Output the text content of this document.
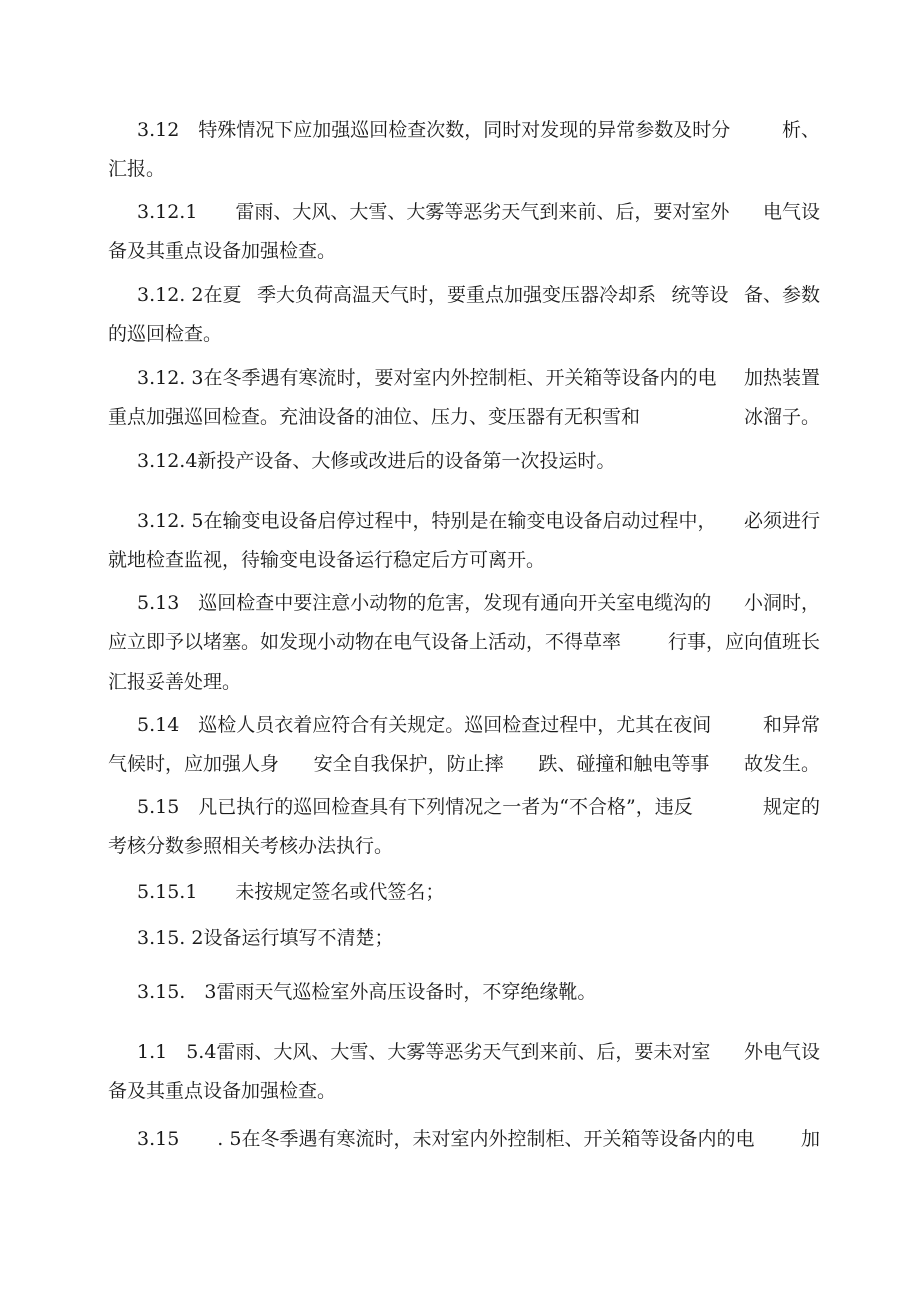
3.12　特殊情况下应加强巡回检查次数，同时对发现的异常参数及时分	析、
汇报。
3.12.1　　雷雨、大风、大雪、大雾等恶劣天气到来前、后，要对室外 电气设
备及其重点设备加强检查。
3.12. 2在夏 季大负荷高温天气时，要重点加强变压器冷却系 统等设 备、参数
的巡回检查。
3.12. 3在冬季遇有寒流时，要对室内外控制柜、开关箱等设备内的电 加热装置
重点加强巡回检查。充油设备的油位、压力、变压器有无积雪和	冰溜子。
3.12.4新投产设备、大修或改进后的设备第一次投运时。
3.12. 5在输变电设备启停过程中，特别是在输变电设备启动过程中， 必须进行
就地检查监视，待输变电设备运行稳定后方可离开。
5.13　巡回检查中要注意小动物的危害，发现有通向开关室电缆沟的 小洞时，
应立即予以堵塞。如发现小动物在电气设备上活动，不得草率 行事，应向值班长
汇报妥善处理。
5.14　巡检人员衣着应符合有关规定。巡回检查过程中，尤其在夜间	和异常
气候时，应加强人身 安全自我保护，防止摔 跌、碰撞和触电等事 故发生。
5.15　凡已执行的巡回检查具有下列情况之一者为“不合格”，违反	规定的
考核分数参照相关考核办法执行。
5.15.1　　未按规定签名或代签名；
3.15. 2设备运行填写不清楚；
3.15.　3雷雨天气巡检室外高压设备时，不穿绝缘靴。
1.1　5.4雷雨、大风、大雪、大雾等恶劣天气到来前、后，要未对室 外电气设
备及其重点设备加强检查。
3.15　　. 5在冬季遇有寒流时，未对室内外控制柜、开关箱等设备内的电 加
